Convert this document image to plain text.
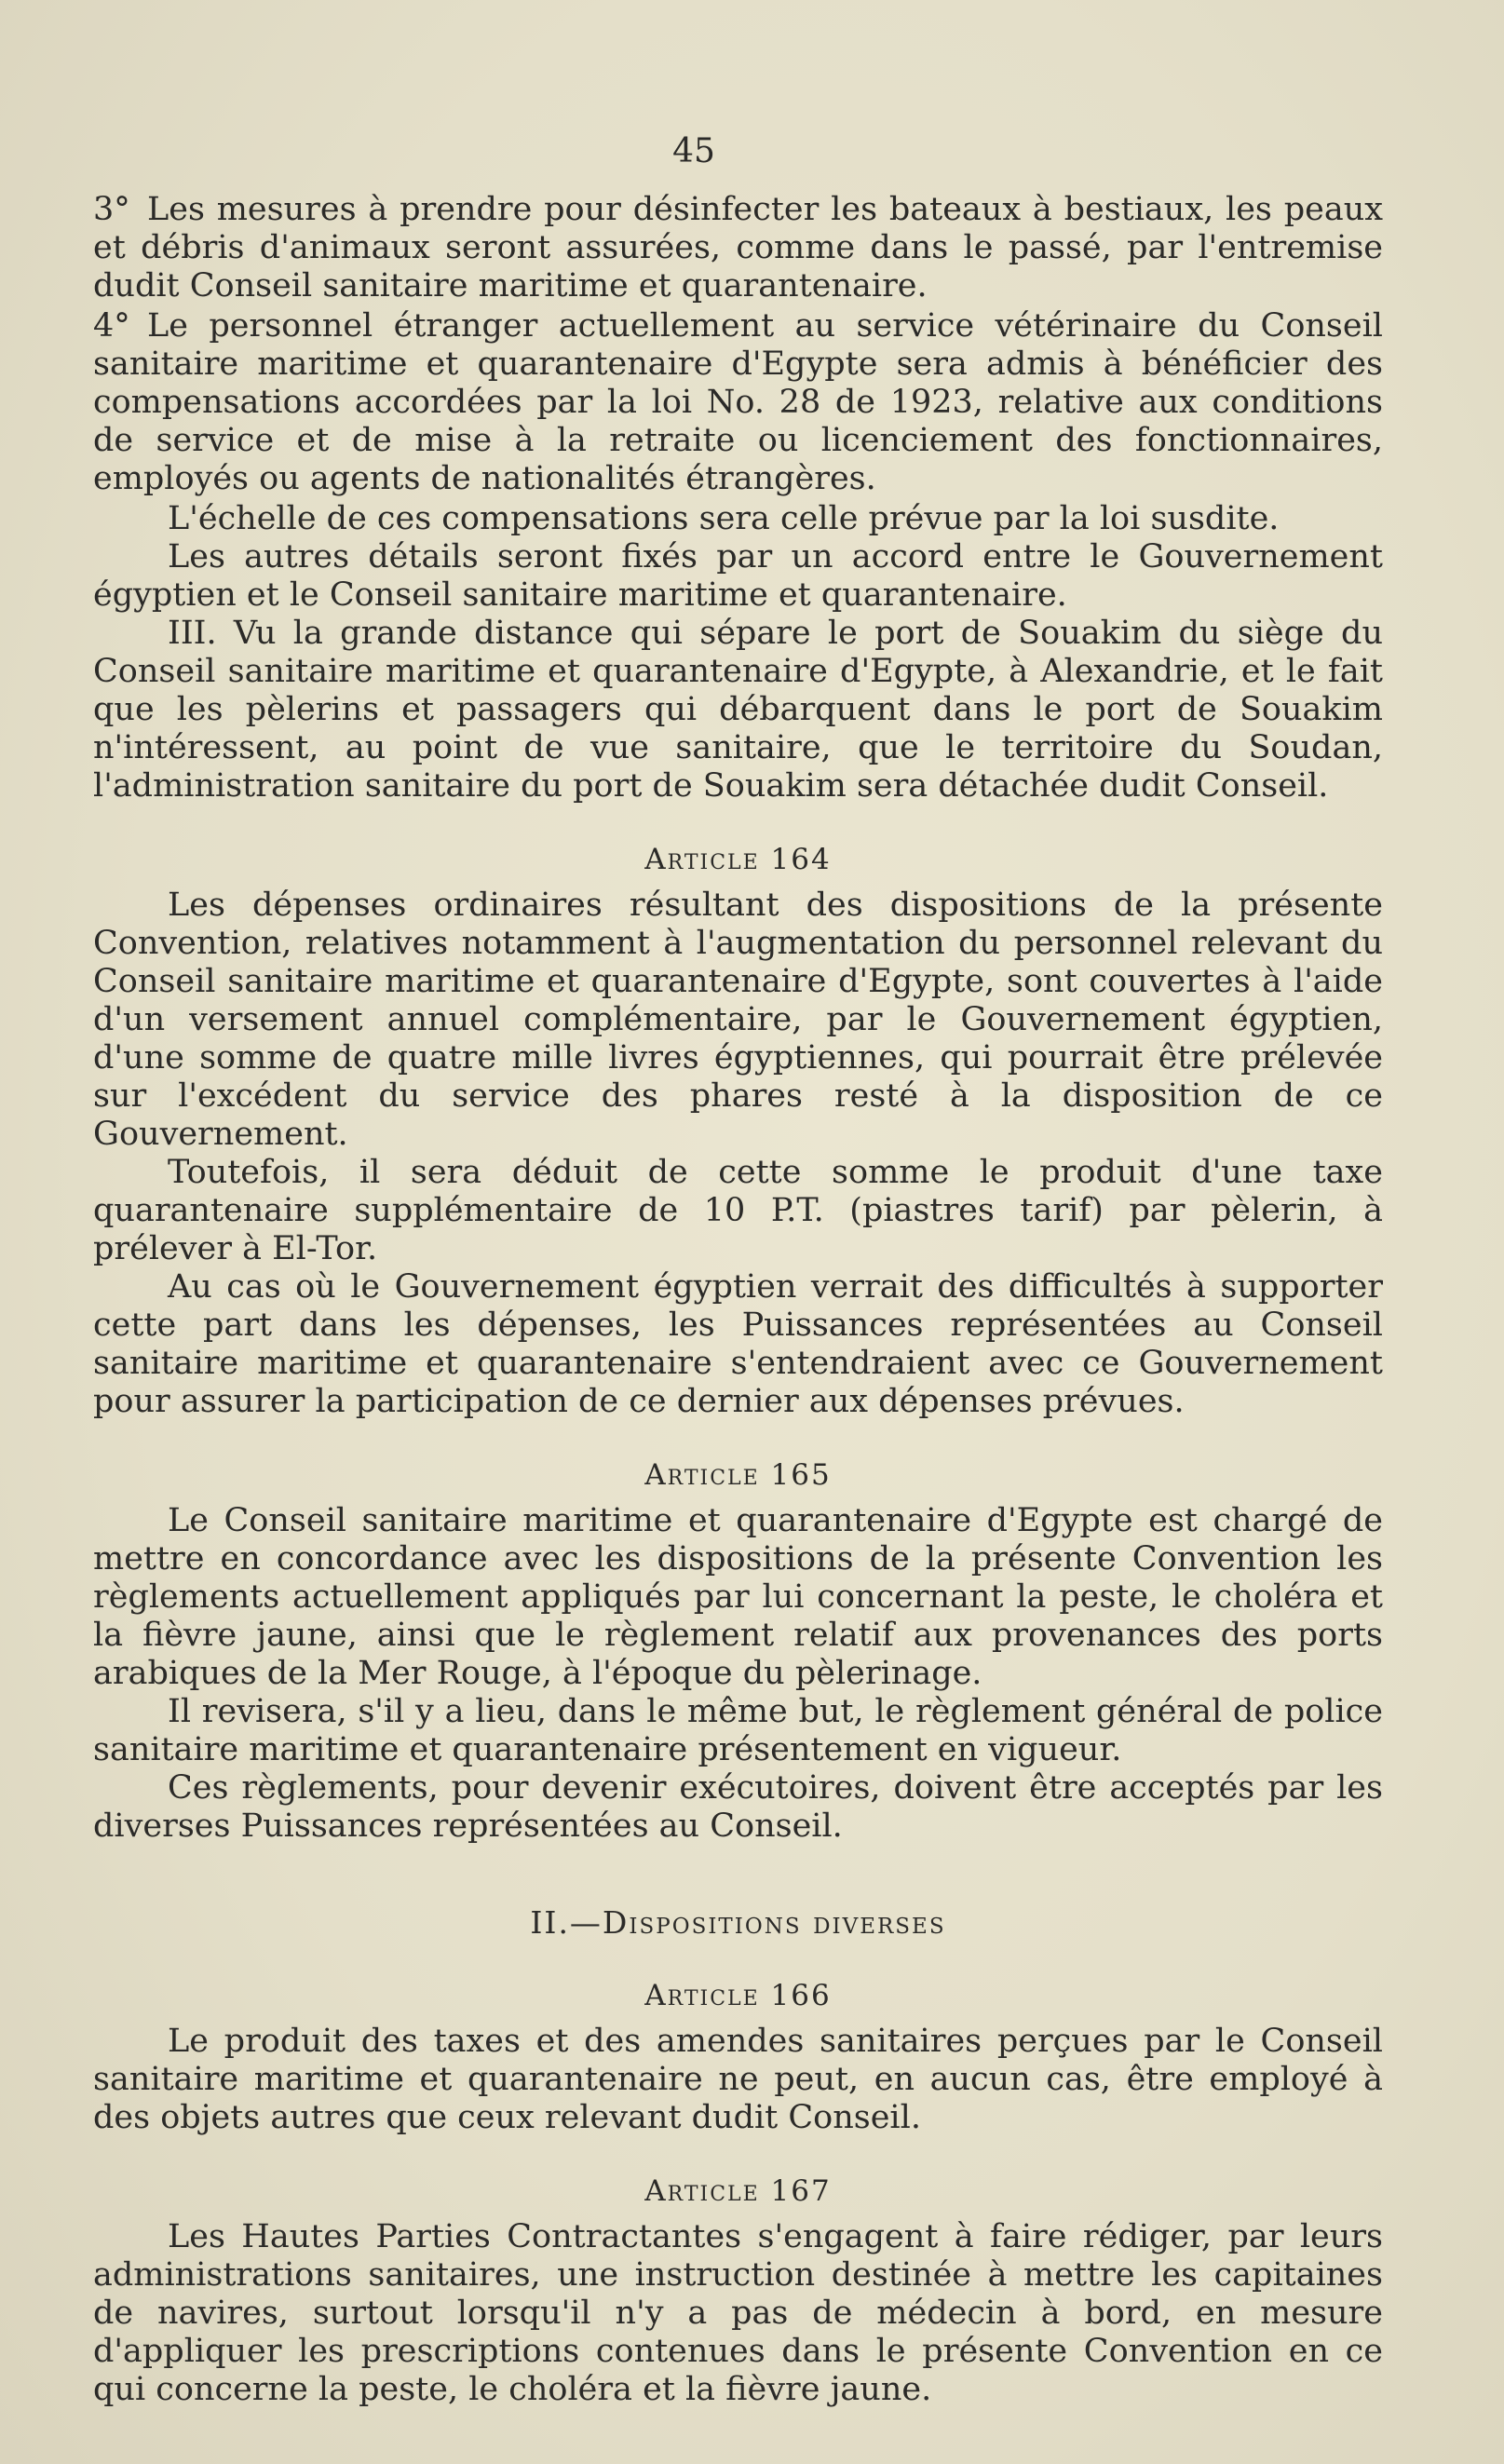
45

3° Les mesures à prendre pour désinfecter les bateaux à bestiaux, les peaux et débris d'animaux seront assurées, comme dans le passé, par l'entremise dudit Conseil sanitaire maritime et quarantenaire.

4° Le personnel étranger actuellement au service vétérinaire du Conseil sanitaire maritime et quarantenaire d'Egypte sera admis à bénéficier des compensations accordées par la loi No. 28 de 1923, relative aux conditions de service et de mise à la retraite ou licenciement des fonctionnaires, employés ou agents de nationalités étrangères.

L'échelle de ces compensations sera celle prévue par la loi susdite.

Les autres détails seront fixés par un accord entre le Gouvernement égyptien et le Conseil sanitaire maritime et quarantenaire.

III. Vu la grande distance qui sépare le port de Souakim du siège du Conseil sanitaire maritime et quarantenaire d'Egypte, à Alexandrie, et le fait que les pèlerins et passagers qui débarquent dans le port de Souakim n'intéressent, au point de vue sanitaire, que le territoire du Soudan, l'administration sanitaire du port de Souakim sera détachée dudit Conseil.

Article 164

Les dépenses ordinaires résultant des dispositions de la présente Convention, relatives notamment à l'augmentation du personnel relevant du Conseil sanitaire maritime et quarantenaire d'Egypte, sont couvertes à l'aide d'un versement annuel complémentaire, par le Gouvernement égyptien, d'une somme de quatre mille livres égyptiennes, qui pourrait être prélevée sur l'excédent du service des phares resté à la disposition de ce Gouvernement.

Toutefois, il sera déduit de cette somme le produit d'une taxe quarantenaire supplémentaire de 10 P.T. (piastres tarif) par pèlerin, à prélever à El-Tor.

Au cas où le Gouvernement égyptien verrait des difficultés à supporter cette part dans les dépenses, les Puissances représentées au Conseil sanitaire maritime et quarantenaire s'entendraient avec ce Gouvernement pour assurer la participation de ce dernier aux dépenses prévues.

Article 165

Le Conseil sanitaire maritime et quarantenaire d'Egypte est chargé de mettre en concordance avec les dispositions de la présente Convention les règlements actuellement appliqués par lui concernant la peste, le choléra et la fièvre jaune, ainsi que le règlement relatif aux provenances des ports arabiques de la Mer Rouge, à l'époque du pèlerinage.

Il revisera, s'il y a lieu, dans le même but, le règlement général de police sanitaire maritime et quarantenaire présentement en vigueur.

Ces règlements, pour devenir exécutoires, doivent être acceptés par les diverses Puissances représentées au Conseil.

II.—Dispositions diverses
Article 166

Le produit des taxes et des amendes sanitaires perçues par le Conseil sanitaire maritime et quarantenaire ne peut, en aucun cas, être employé à des objets autres que ceux relevant dudit Conseil.

Article 167

Les Hautes Parties Contractantes s'engagent à faire rédiger, par leurs administrations sanitaires, une instruction destinée à mettre les capitaines de navires, surtout lorsqu'il n'y a pas de médecin à bord, en mesure d'appliquer les prescriptions contenues dans le présente Convention en ce qui concerne la peste, le choléra et la fièvre jaune.
